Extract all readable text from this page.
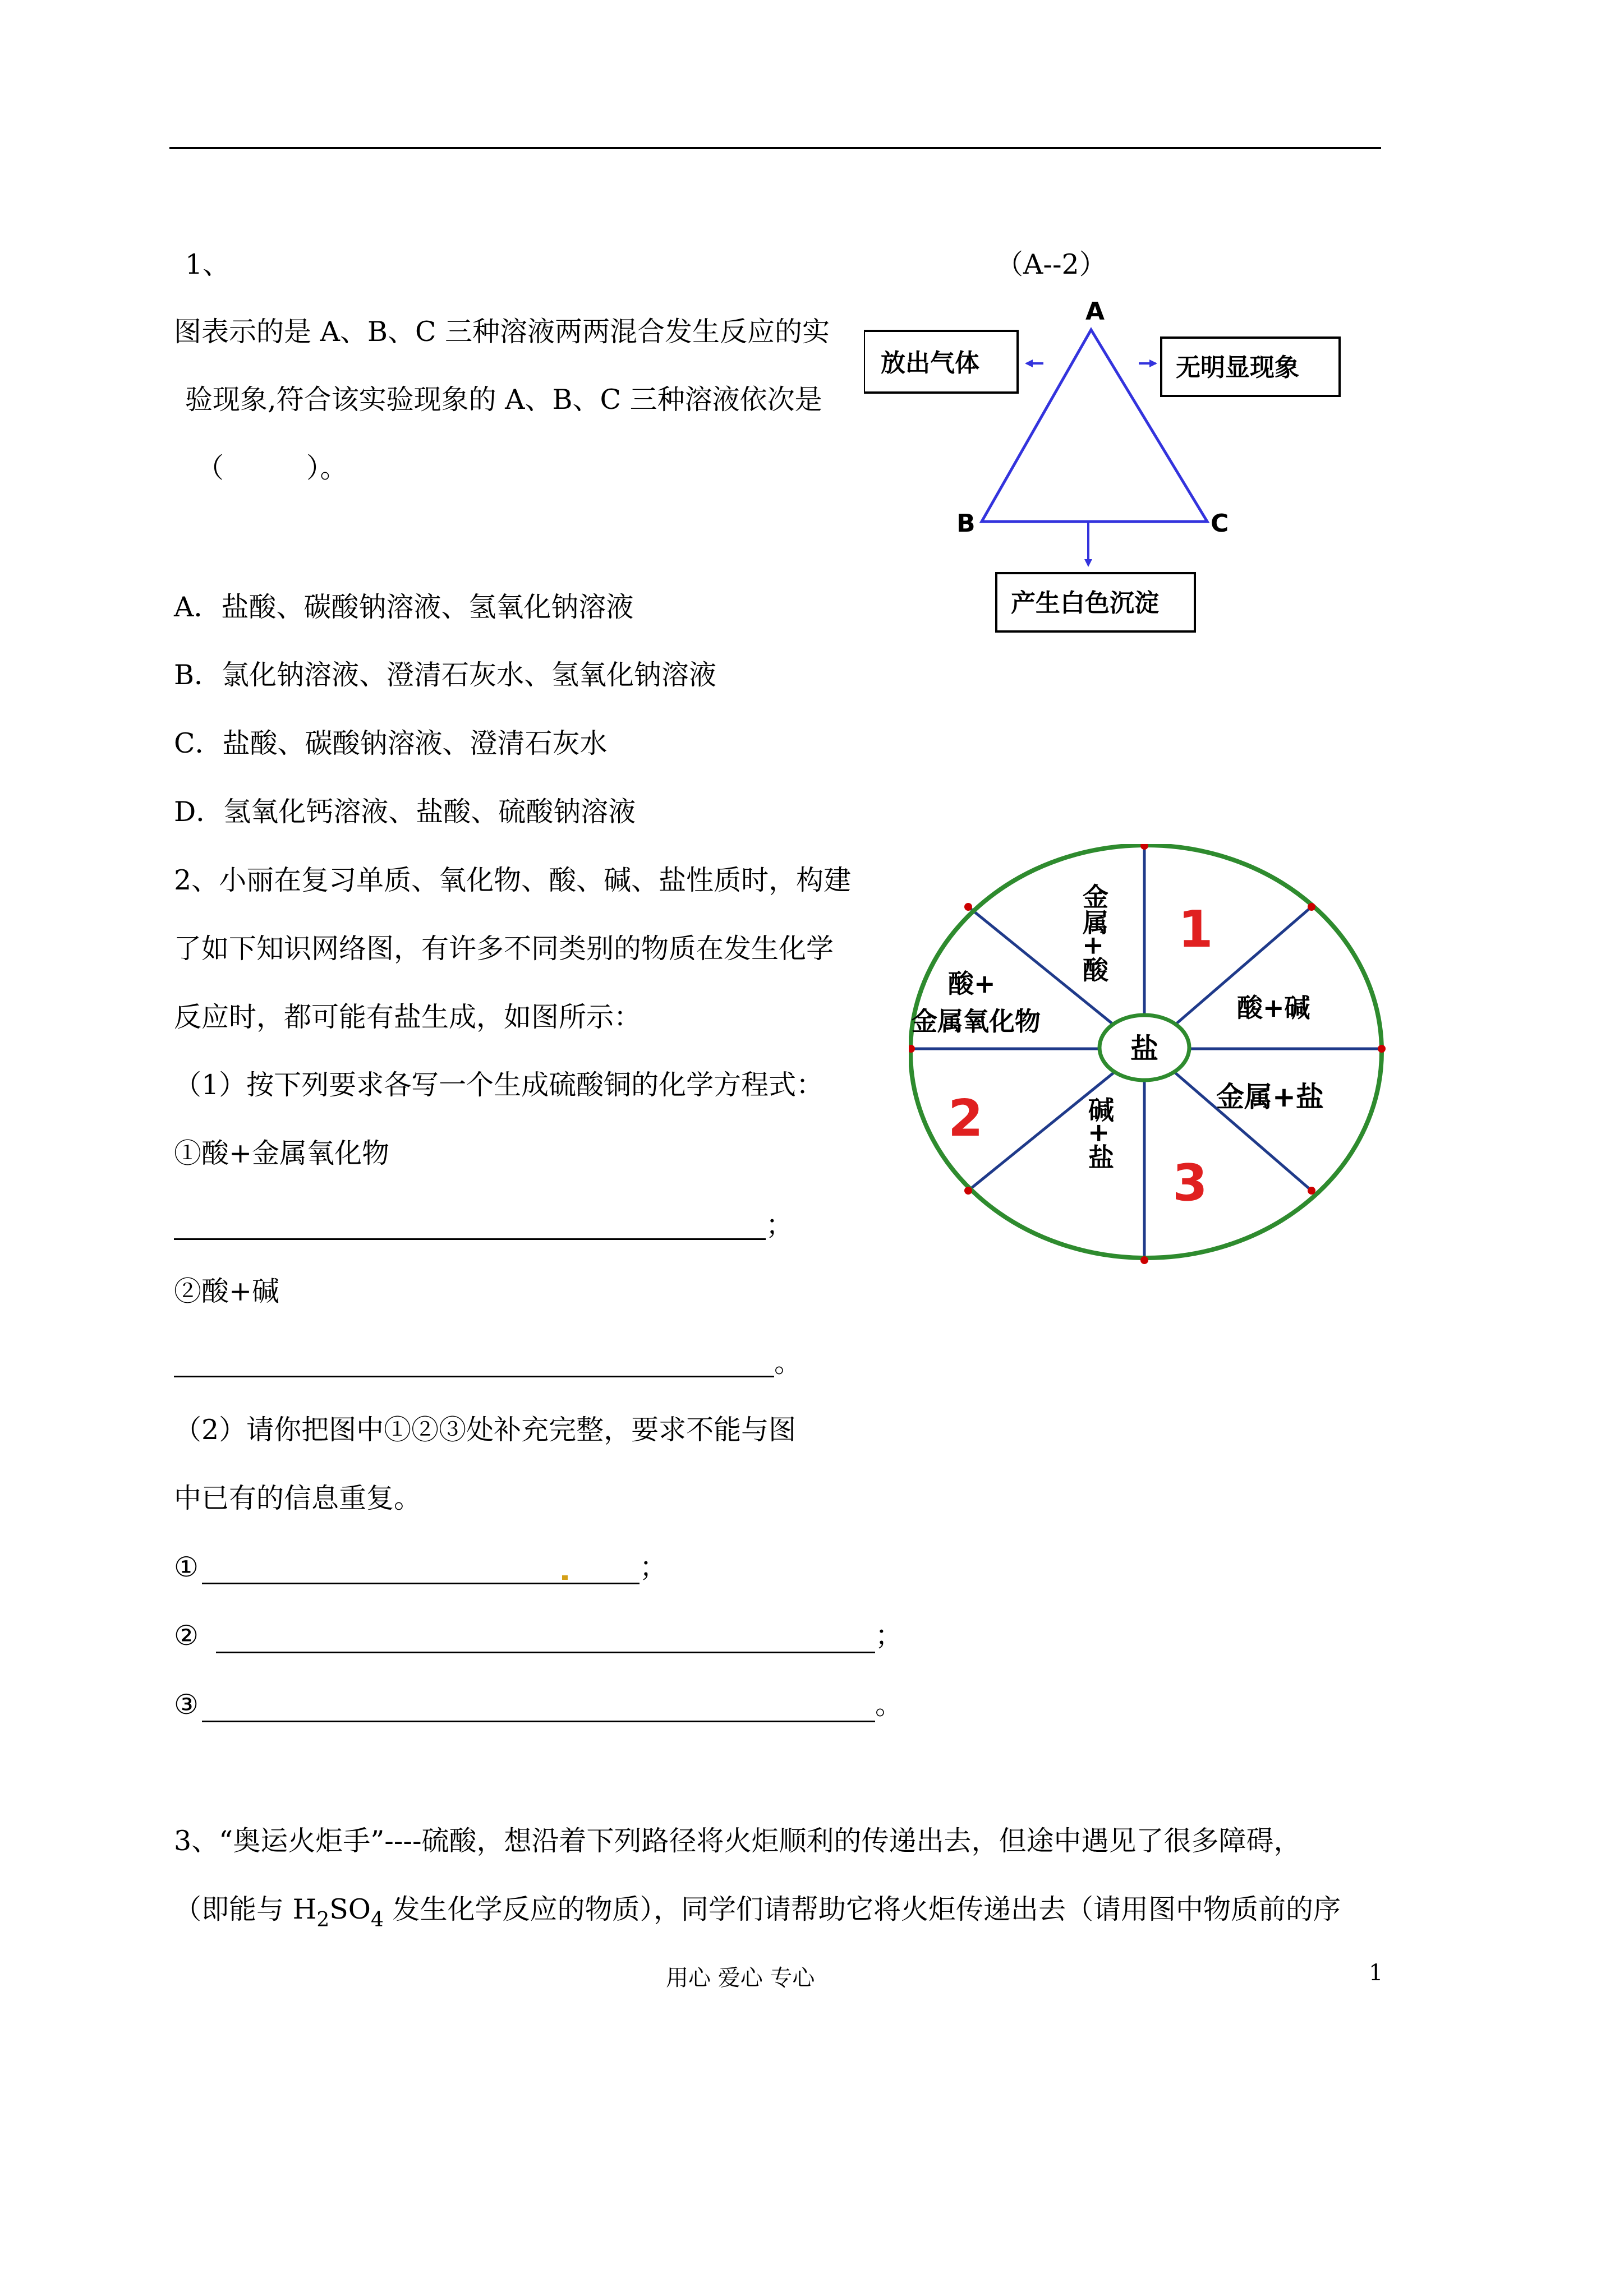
1、	（A--2）
图表示的是 A、B、C 三种溶液两两混合发生反应的实
验现象,符合该实验现象的 A、B、C 三种溶液依次是
（　　　）。
A．盐酸、碳酸钠溶液、氢氧化钠溶液
B．氯化钠溶液、澄清石灰水、氢氧化钠溶液
C．盐酸、碳酸钠溶液、澄清石灰水
D．氢氧化钙溶液、盐酸、硫酸钠溶液
A
B	C
放出气体	无明显现象
产生白色沉淀
2、小丽在复习单质、氧化物、酸、碱、盐性质时，构建
了如下知识网络图，有许多不同类别的物质在发生化学
反应时，都可能有盐生成，如图所示：
（1）按下列要求各写一个生成硫酸铜的化学方程式：
①酸+金属氧化物
；
②酸+碱
。
（2）请你把图中①②③处补充完整，要求不能与图
中已有的信息重复。
①	；
②	；
③	。
盐
金属+酸
酸+碱
金属+盐
碱+盐
酸+
金属氧化物
1
2
3
3、“奥运火炬手”----硫酸，想沿着下列路径将火炬顺利的传递出去，但途中遇见了很多障碍，
（即能与 $H_2SO_4$ 发生化学反应的物质），同学们请帮助它将火炬传递出去（请用图中物质前的序
用心 爱心 专心	1
